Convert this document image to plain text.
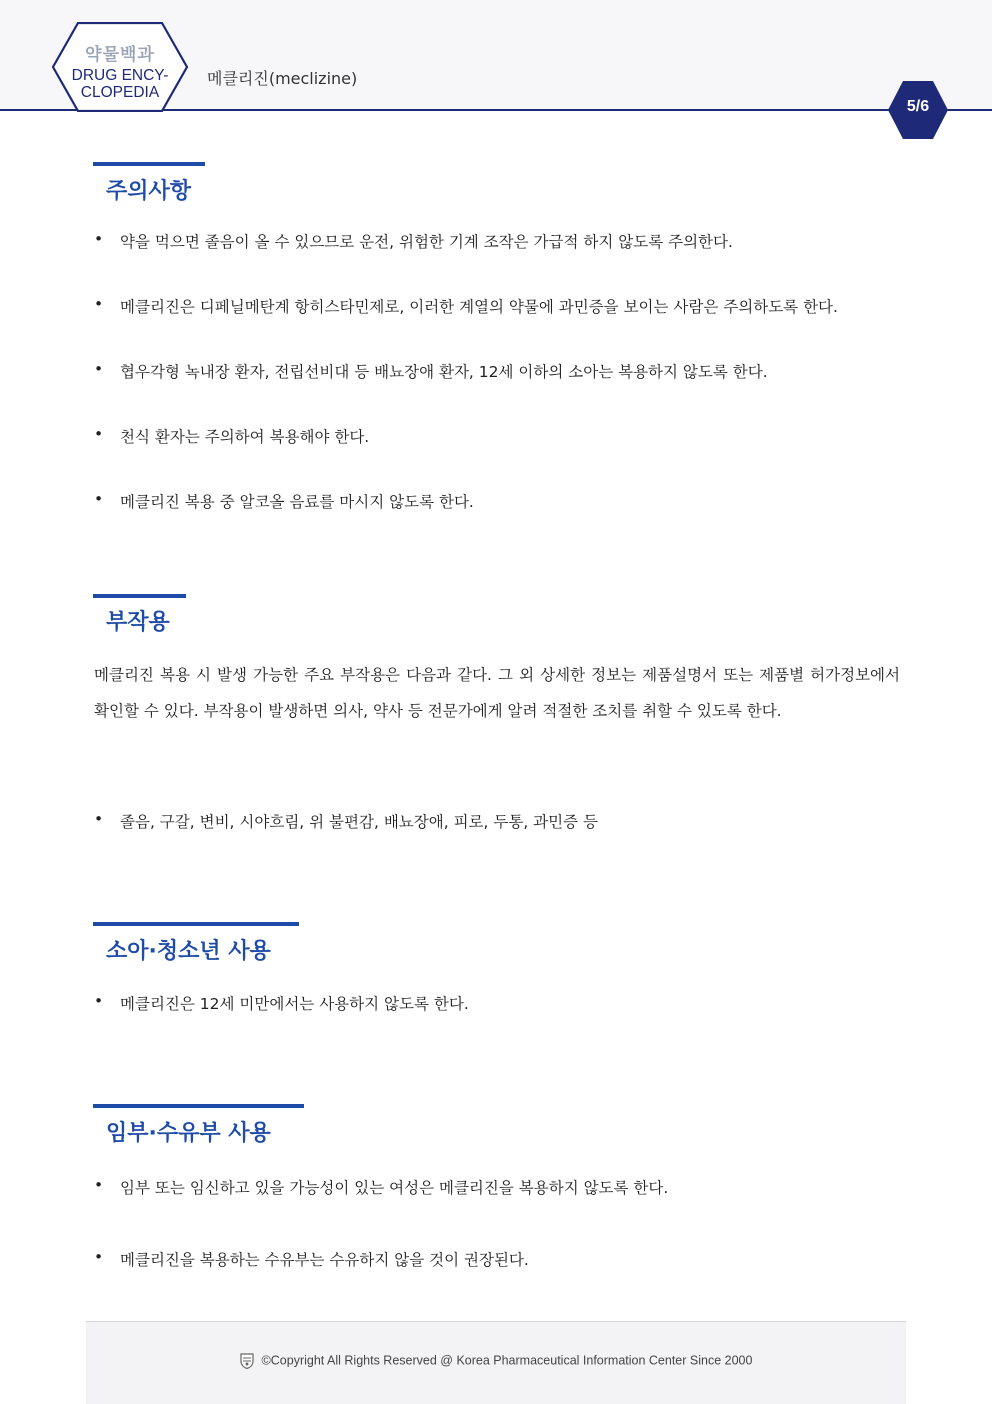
약물백과
DRUG ENCY-
CLOPEDIA
메클리진(meclizine)
5/6
주의사항
• 약을 먹으면 졸음이 올 수 있으므로 운전, 위험한 기계 조작은 가급적 하지 않도록 주의한다.
• 메클리진은 디페닐메탄계 항히스타민제로, 이러한 계열의 약물에 과민증을 보이는 사람은 주의하도록 한다.
• 협우각형 녹내장 환자, 전립선비대 등 배뇨장애 환자, 12세 이하의 소아는 복용하지 않도록 한다.
• 천식 환자는 주의하여 복용해야 한다.
• 메클리진 복용 중 알코올 음료를 마시지 않도록 한다.
부작용

메클리진 복용 시 발생 가능한 주요 부작용은 다음과 같다. 그 외 상세한 정보는 제품설명서 또는 제품별 허가정보에서 확인할 수 있다. 부작용이 발생하면 의사, 약사 등 전문가에게 알려 적절한 조치를 취할 수 있도록 한다.

• 졸음, 구갈, 변비, 시야흐림, 위 불편감, 배뇨장애, 피로, 두통, 과민증 등
소아·청소년 사용
• 메클리진은 12세 미만에서는 사용하지 않도록 한다.
임부·수유부 사용
• 임부 또는 임신하고 있을 가능성이 있는 여성은 메클리진을 복용하지 않도록 한다.
• 메클리진을 복용하는 수유부는 수유하지 않을 것이 권장된다.
©Copyright All Rights Reserved @ Korea Pharmaceutical Information Center Since 2000
